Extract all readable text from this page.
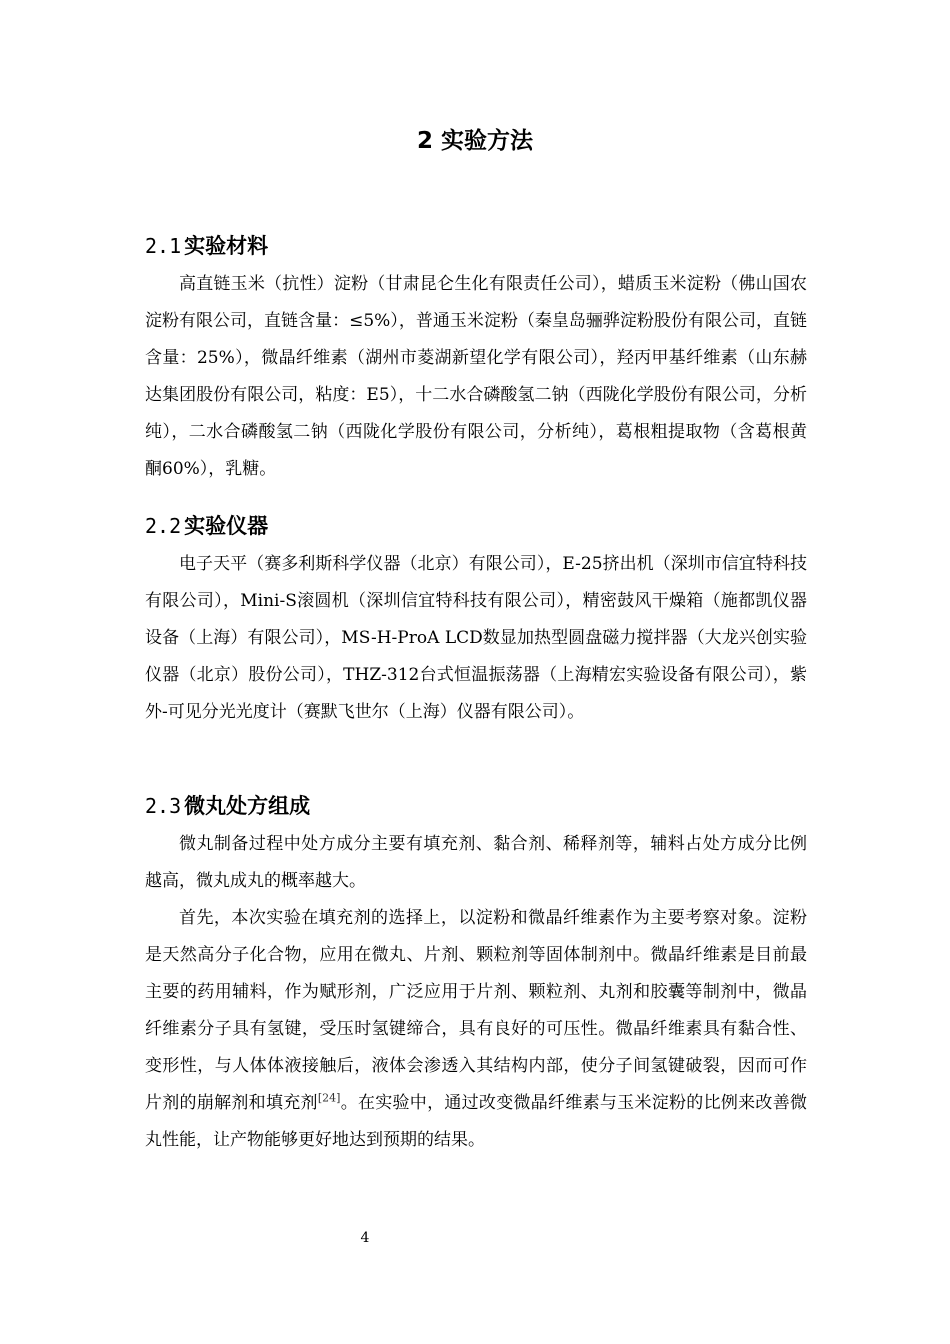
2 实验方法
2.1 实验材料

高直链玉米（抗性）淀粉（甘肃昆仑生化有限责任公司），蜡质玉米淀粉（佛山国农淀粉有限公司，直链含量：≤5%），普通玉米淀粉（秦皇岛骊骅淀粉股份有限公司，直链含量：25%），微晶纤维素（湖州市菱湖新望化学有限公司），羟丙甲基纤维素（山东赫达集团股份有限公司，粘度：E5），十二水合磷酸氢二钠（西陇化学股份有限公司，分析纯），二水合磷酸氢二钠（西陇化学股份有限公司，分析纯），葛根粗提取物（含葛根黄酮60%），乳糖。

2.2 实验仪器

电子天平（赛多利斯科学仪器（北京）有限公司），E-25挤出机（深圳市信宜特科技有限公司），Mini-S滚圆机（深圳信宜特科技有限公司），精密鼓风干燥箱（施都凯仪器设备（上海）有限公司），MS-H-ProA LCD数显加热型圆盘磁力搅拌器（大龙兴创实验仪器（北京）股份公司），THZ-312台式恒温振荡器（上海精宏实验设备有限公司），紫外-可见分光光度计（赛默飞世尔（上海）仪器有限公司）。

2.3 微丸处方组成

微丸制备过程中处方成分主要有填充剂、黏合剂、稀释剂等，辅料占处方成分比例越高，微丸成丸的概率越大。

首先，本次实验在填充剂的选择上，以淀粉和微晶纤维素作为主要考察对象。淀粉是天然高分子化合物，应用在微丸、片剂、颗粒剂等固体制剂中。微晶纤维素是目前最主要的药用辅料，作为赋形剂，广泛应用于片剂、颗粒剂、丸剂和胶囊等制剂中，微晶纤维素分子具有氢键，受压时氢键缔合，具有良好的可压性。微晶纤维素具有黏合性、变形性，与人体体液接触后，液体会渗透入其结构内部，使分子间氢键破裂，因而可作片剂的崩解剂和填充剂[24]。在实验中，通过改变微晶纤维素与玉米淀粉的比例来改善微丸性能，让产物能够更好地达到预期的结果。

4
